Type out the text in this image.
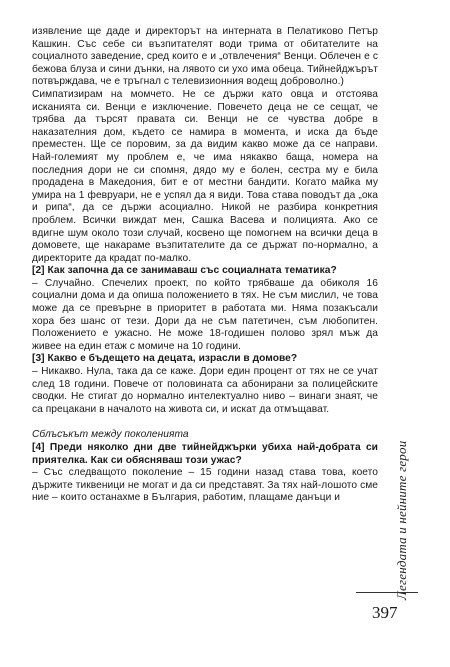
изявление ще даде и директорът на интерната в Пелатиково Петър Кашкин. Със себе си възпитателят води трима от обитателите на социалното заведение, сред които е и „отвлечения“ Венци. Облечен е с бежова блуза и сини дънки, на лявото си ухо има обеца. Тийнейджърът потвърждава, че е тръгнал с телевизионния водещ доброволно.)

Симпатизирам на момчето. Не се държи като овца и отстоява исканията си. Венци е изключение. Повечето деца не се сещат, че трябва да търсят правата си. Венци не се чувства добре в наказателния дом, където се намира в момента, и иска да бъде преместен. Ще се поровим, за да видим какво може да се направи. Най-големият му проблем е, че има някакво баща, номера на последния дори не си спомня, дядо му е болен, сестра му е била продадена в Македония, бит е от местни бандити. Когато майка му умира на 1 февруари, не е успял да я види. Това става поводът да „ока и рипа“, да се държи асоциално. Никой не разбира конкретния проблем. Всички виждат мен, Сашка Васева и полицията. Ако се вдигне шум около този случай, косвено ще помогнем на всички деца в домовете, ще накараме възпитателите да се държат по-нормално, а директорите да крадат по-малко.

[2] Как започна да се занимаваш със социалната тематика?

– Случайно. Спечелих проект, по който трябваше да обиколя 16 социални дома и да опиша положението в тях. Не съм мислил, че това може да се превърне в приоритет в работата ми. Няма позакъсали хора без шанс от тези. Дори да не съм патетичен, съм любопитен. Положението е ужасно. Не може 18-годишен полово зрял мъж да живее на един етаж с момиче на 10 години.

[3] Какво е бъдещето на децата, израсли в домове?

– Никакво. Нула, така да се каже. Дори един процент от тях не се учат след 18 години. Повече от половината са абонирани за полицейските сводки. Не стигат до нормално интелектуално ниво – винаги знаят, че са прецакани в началото на живота си, и искат да отмъщават.

Сблъсъкът между поколенията

[4] Преди няколко дни две тийнейджърки убиха най-добрата си приятелка. Как си обясняваш този ужас?

– Със следващото поколение – 15 години назад става това, което държите тиквеници не могат и да си представят. За тях най-лошото сме ние – които останахме в България, работим, плащаме данъци и	Легендата и нейните герои
397
